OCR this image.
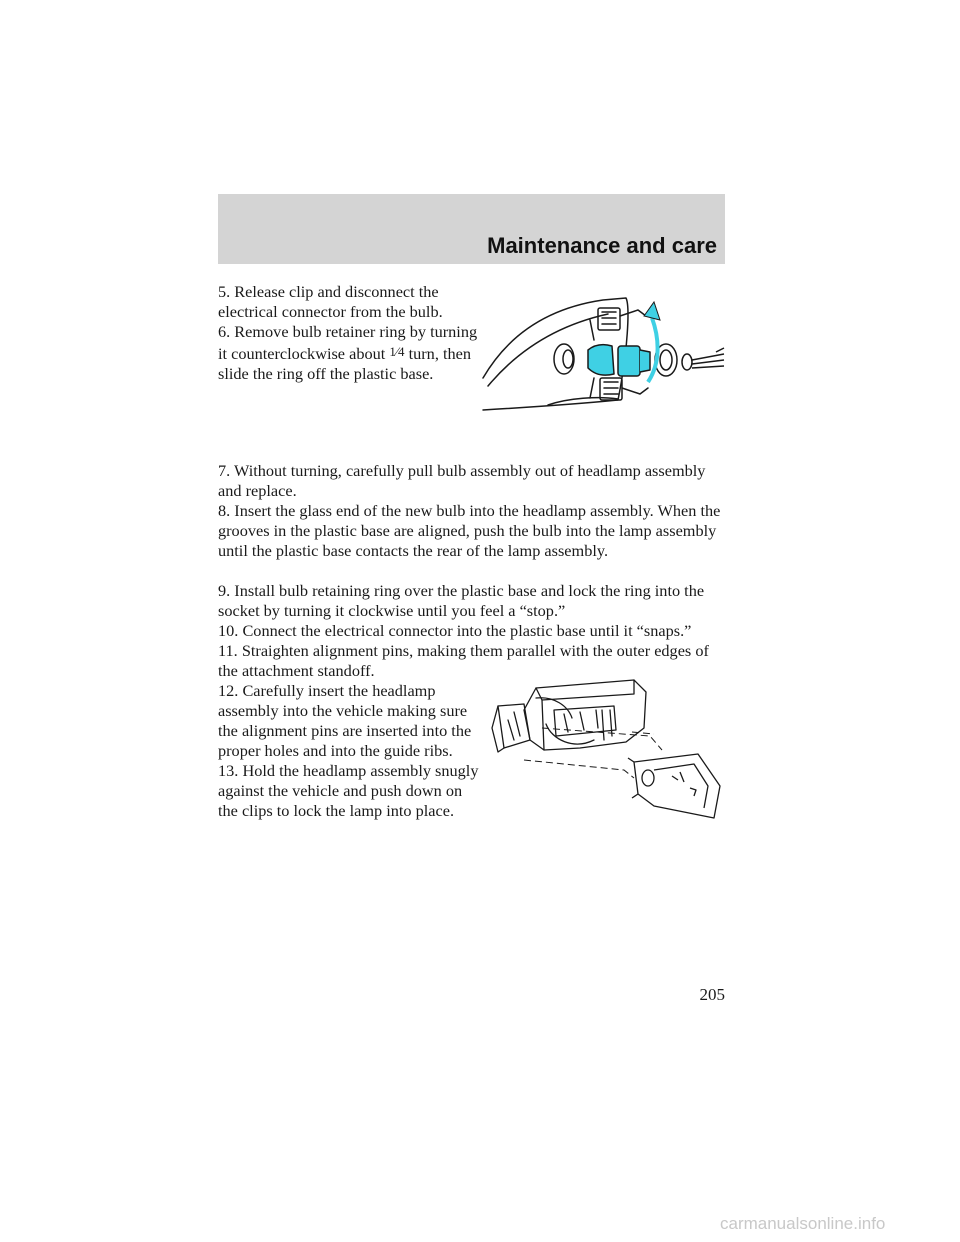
Maintenance and care

5. Release clip and disconnect the electrical connector from the bulb.

6. Remove bulb retainer ring by turning it counterclockwise about 1⁄4 turn, then slide the ring off the plastic base.

7. Without turning, carefully pull bulb assembly out of headlamp assembly and replace.

8. Insert the glass end of the new bulb into the headlamp assembly. When the grooves in the plastic base are aligned, push the bulb into the lamp assembly until the plastic base contacts the rear of the lamp assembly.

9. Install bulb retaining ring over the plastic base and lock the ring into the socket by turning it clockwise until you feel a “stop.”

10. Connect the electrical connector into the plastic base until it “snaps.”

11. Straighten alignment pins, making them parallel with the outer edges of the attachment standoff.

12. Carefully insert the headlamp assembly into the vehicle making sure the alignment pins are inserted into the proper holes and into the guide ribs.

13. Hold the headlamp assembly snugly against the vehicle and push down on the clips to lock the lamp into place.

205
carmanualsonline.info
